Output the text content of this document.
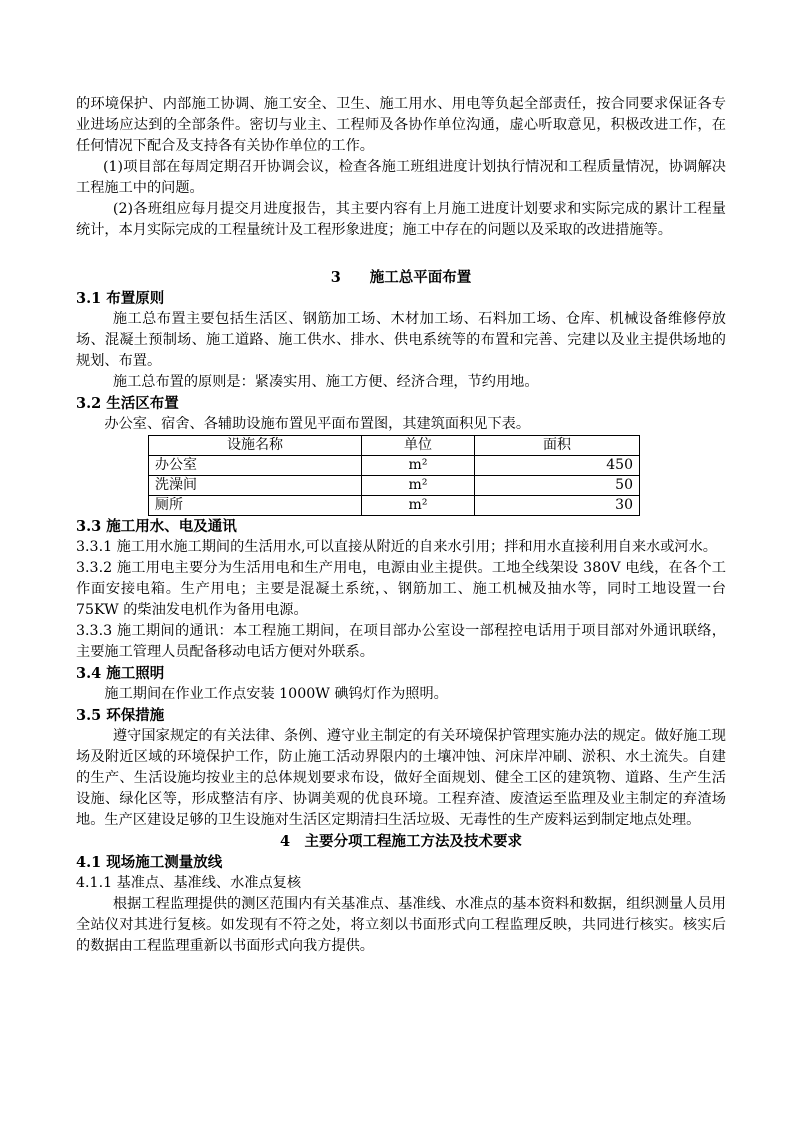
的环境保护、内部施工协调、施工安全、卫生、施工用水、用电等负起全部责任，按合同要求保证各专业进场应达到的全部条件。密切与业主、工程师及各协作单位沟通，虚心听取意见，积极改进工作，在任何情况下配合及支持各有关协作单位的工作。

(1)项目部在每周定期召开协调会议，检查各施工班组进度计划执行情况和工程质量情况，协调解决工程施工中的问题。

(2)各班组应每月提交月进度报告，其主要内容有上月施工进度计划要求和实际完成的累计工程量统计，本月实际完成的工程量统计及工程形象进度；施工中存在的问题以及采取的改进措施等。

3　　施工总平面布置
3.1 布置原则

施工总布置主要包括生活区、钢筋加工场、木材加工场、石料加工场、仓库、机械设备维修停放场、混凝土预制场、施工道路、施工供水、排水、供电系统等的布置和完善、完建以及业主提供场地的规划、布置。

施工总布置的原则是：紧凑实用、施工方便、经济合理，节约用地。

3.2 生活区布置

办公室、宿舍、各辅助设施布置见平面布置图，其建筑面积见下表。

设施名称	单位	面积
办公室	m²	450
洗澡间	m²	50
厕所	m²	30
3.3 施工用水、电及通讯

3.3.1 施工用水施工期间的生活用水,可以直接从附近的自来水引用；拌和用水直接利用自来水或河水。

3.3.2 施工用电主要分为生活用电和生产用电，电源由业主提供。工地全线架设 380V 电线，在各个工作面安接电箱。生产用电；主要是混凝土系统，、钢筋加工、施工机械及抽水等，同时工地设置一台 75KW 的柴油发电机作为备用电源。

3.3.3 施工期间的通讯：本工程施工期间，在项目部办公室设一部程控电话用于项目部对外通讯联络，主要施工管理人员配备移动电话方便对外联系。

3.4 施工照明

施工期间在作业工作点安装 1000W 碘钨灯作为照明。

3.5 环保措施

遵守国家规定的有关法律、条例、遵守业主制定的有关环境保护管理实施办法的规定。做好施工现场及附近区域的环境保护工作，防止施工活动界限内的土壤冲蚀、河床岸冲刷、淤积、水土流失。自建的生产、生活设施均按业主的总体规划要求布设，做好全面规划、健全工区的建筑物、道路、生产生活设施、绿化区等，形成整洁有序、协调美观的优良环境。工程弃渣、废渣运至监理及业主制定的弃渣场地。生产区建设足够的卫生设施对生活区定期清扫生活垃圾、无毒性的生产废料运到制定地点处理。

4　主要分项工程施工方法及技术要求
4.1 现场施工测量放线

4.1.1 基准点、基准线、水准点复核

根据工程监理提供的测区范围内有关基准点、基准线、水准点的基本资料和数据，组织测量人员用全站仪对其进行复核。如发现有不符之处，将立刻以书面形式向工程监理反映，共同进行核实。核实后的数据由工程监理重新以书面形式向我方提供。
